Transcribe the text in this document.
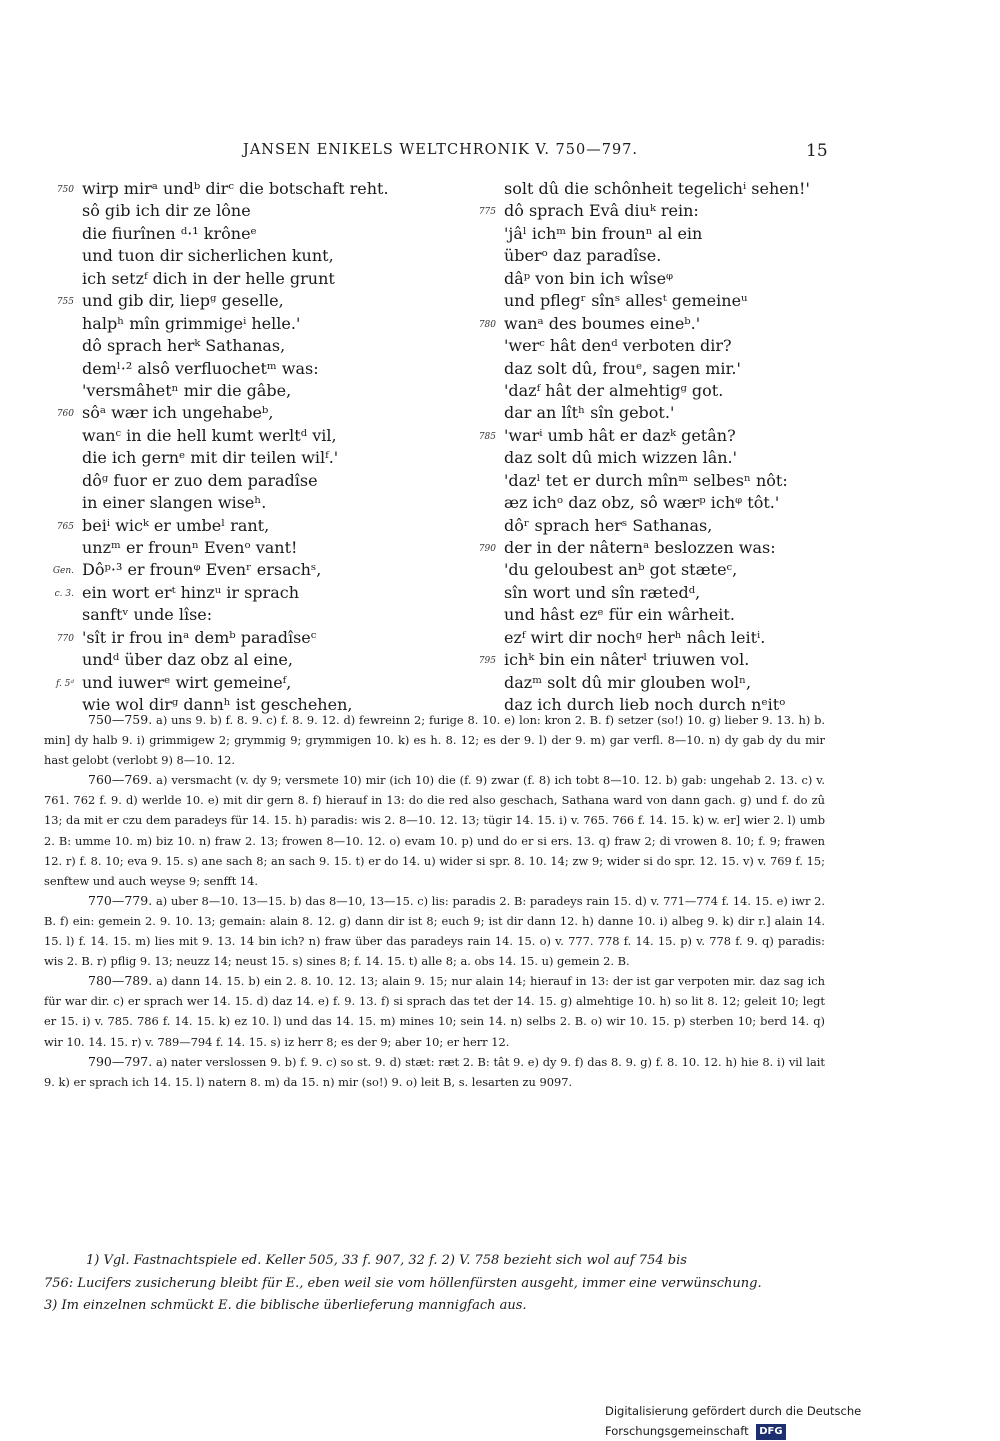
JANSEN ENIKELS WELTCHRONIK V. 750—797.	15
750 wirp mirᵃ undᵇ dirᶜ die botschaft reht.
sô gib ich dir ze lône
die fiurînen ᵈ·¹ krôneᵉ
und tuon dir sicherlichen kunt,
ich setzᶠ dich in der helle grunt
755 und gib dir, liepᵍ geselle,
halpʰ mîn grimmigeⁱ helle.'
dô sprach herᵏ Sathanas,
demˡ·² alsô verfluochetᵐ was:
'versmâhetⁿ mir die gâbe,
760 sôᵃ wær ich ungehabeᵇ,
wanᶜ in die hell kumt werltᵈ vil,
die ich gernᵉ mit dir teilen wilᶠ.'
dôᵍ fuor er zuo dem paradîse
in einer slangen wiseʰ.
765 beiⁱ wicᵏ er umbeˡ rant,
unzᵐ er frounⁿ Evenᵒ vant!
Gen. Dôᵖ·³ er frounᵠ Evenʳ ersachˢ,
c. 3. ein wort erᵗ hinzᵘ ir sprach
sanftᵛ unde lîse:
770 'sît ir frou inᵃ demᵇ paradîseᶜ
undᵈ über daz obz al eine,
f. 5ᵈ und iuwerᵉ wirt gemeineᶠ,
wie wol dirᵍ dannʰ ist geschehen,
solt dû die schônheit tegelichⁱ sehen!'
775 dô sprach Evâ diuᵏ rein:
'jâˡ ichᵐ bin frounⁿ al ein
überᵒ daz paradîse.
dâᵖ von bin ich wîseᵠ
und pflegʳ sînˢ allesᵗ gemeineᵘ
780 wanᵃ des boumes eineᵇ.'
'werᶜ hât denᵈ verboten dir?
daz solt dû, frouᵉ, sagen mir.'
'dazᶠ hât der almehtigᵍ got.
dar an lîtʰ sîn gebot.'
785 'warⁱ umb hât er dazᵏ getân?
daz solt dû mich wizzen lân.'
'dazˡ tet er durch mînᵐ selbesⁿ nôt:
æz ichᵒ daz obz, sô wærᵖ ichᵠ tôt.'
dôʳ sprach herˢ Sathanas,
790 der in der nâternᵃ beslozzen was:
'du geloubest anᵇ got stæteᶜ,
sîn wort und sîn rætedᵈ,
und hâst ezᵉ für ein wârheit.
ezᶠ wirt dir nochᵍ herʰ nâch leitⁱ.
795 ichᵏ bin ein nâterˡ triuwen vol.
dazᵐ solt dû mir glouben wolⁿ,
daz ich durch lieb noch durch nᵉitᵒ

750—759. a) uns 9. b) f. 8. 9. c) f. 8. 9. 12. d) fewreinn 2; furige 8. 10. e) lon: kron 2. B. f) setzer (so!) 10. g) lieber 9. 13. h) b. min] dy halb 9. i) grimmigew 2; grymmig 9; grymmigen 10. k) es h. 8. 12; es der 9. l) der 9. m) gar verfl. 8—10. n) dy gab dy du mir hast gelobt (verlobt 9) 8—10. 12.

760—769. a) versmacht (v. dy 9; versmete 10) mir (ich 10) die (f. 9) zwar (f. 8) ich tobt 8—10. 12. b) gab: ungehab 2. 13. c) v. 761. 762 f. 9. d) werlde 10. e) mit dir gern 8. f) hierauf in 13: do die red also geschach, Sathana ward von dann gach. g) und f. do zû 13; da mit er czu dem paradeys für 14. 15. h) paradis: wis 2. 8—10. 12. 13; tügir 14. 15. i) v. 765. 766 f. 14. 15. k) w. er] wier 2. l) umb 2. B: umme 10. m) biz 10. n) fraw 2. 13; frowen 8—10. 12. o) evam 10. p) und do er si ers. 13. q) fraw 2; di vrowen 8. 10; f. 9; frawen 12. r) f. 8. 10; eva 9. 15. s) ane sach 8; an sach 9. 15. t) er do 14. u) wider si spr. 8. 10. 14; zw 9; wider si do spr. 12. 15. v) v. 769 f. 15; senftew und auch weyse 9; senfft 14.

770—779. a) uber 8—10. 13—15. b) das 8—10, 13—15. c) lis: paradis 2. B: paradeys rain 15. d) v. 771—774 f. 14. 15. e) iwr 2. B. f) ein: gemein 2. 9. 10. 13; gemain: alain 8. 12. g) dann dir ist 8; euch 9; ist dir dann 12. h) danne 10. i) albeg 9. k) dir r.] alain 14. 15. l) f. 14. 15. m) lies mit 9. 13. 14 bin ich? n) fraw über das paradeys rain 14. 15. o) v. 777. 778 f. 14. 15. p) v. 778 f. 9. q) paradis: wis 2. B. r) pflig 9. 13; neuzz 14; neust 15. s) sines 8; f. 14. 15. t) alle 8; a. obs 14. 15. u) gemein 2. B.

780—789. a) dann 14. 15. b) ein 2. 8. 10. 12. 13; alain 9. 15; nur alain 14; hierauf in 13: der ist gar verpoten mir. daz sag ich für war dir. c) er sprach wer 14. 15. d) daz 14. e) f. 9. 13. f) si sprach das tet der 14. 15. g) almehtige 10. h) so lit 8. 12; geleit 10; legt er 15. i) v. 785. 786 f. 14. 15. k) ez 10. l) und das 14. 15. m) mines 10; sein 14. n) selbs 2. B. o) wir 10. 15. p) sterben 10; berd 14. q) wir 10. 14. 15. r) v. 789—794 f. 14. 15. s) iz herr 8; es der 9; aber 10; er herr 12.

790—797. a) nater verslossen 9. b) f. 9. c) so st. 9. d) stæt: ræt 2. B: tât 9. e) dy 9. f) das 8. 9. g) f. 8. 10. 12. h) hie 8. i) vil lait 9. k) er sprach ich 14. 15. l) natern 8. m) da 15. n) mir (so!) 9. o) leit B, s. lesarten zu 9097.

1) Vgl. Fastnachtspiele ed. Keller 505, 33 f. 907, 32 f. 2) V. 758 bezieht sich wol auf 754 bis

756: Lucifers zusicherung bleibt für E., eben weil sie vom höllenfürsten ausgeht, immer eine verwünschung.

3) Im einzelnen schmückt E. die biblische überlieferung mannigfach aus.

Digitalisierung gefördert durch die Deutsche Forschungsgemeinschaft DFG
